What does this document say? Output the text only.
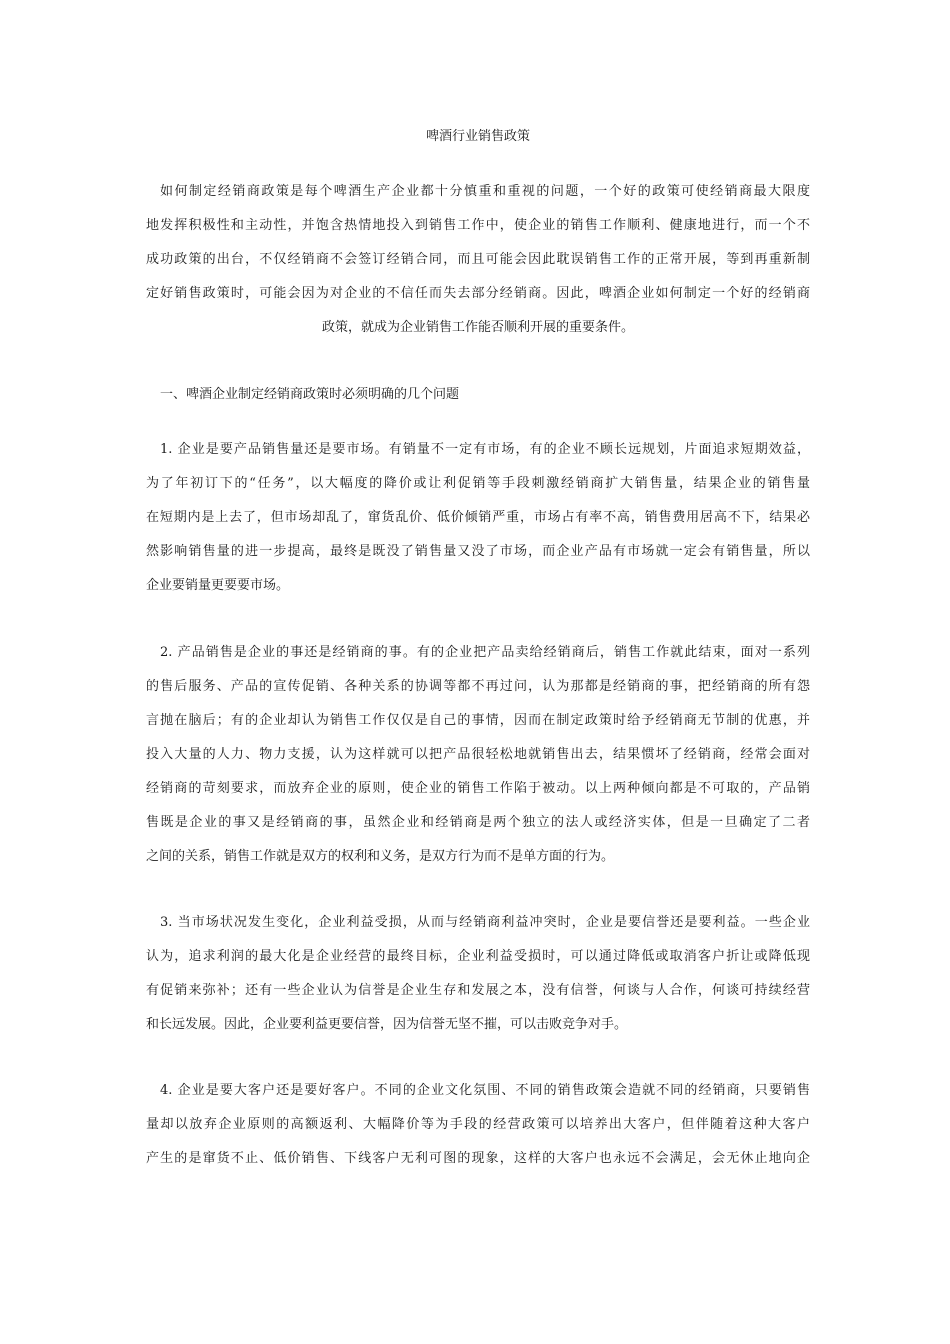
啤酒行业销售政策
如何制定经销商政策是每个啤酒生产企业都十分慎重和重视的问题，一个好的政策可使经销商最大限度
地发挥积极性和主动性，并饱含热情地投入到销售工作中，使企业的销售工作顺利、健康地进行，而一个不
成功政策的出台，不仅经销商不会签订经销合同，而且可能会因此耽误销售工作的正常开展，等到再重新制
定好销售政策时，可能会因为对企业的不信任而失去部分经销商。因此，啤酒企业如何制定一个好的经销商
政策，就成为企业销售工作能否顺利开展的重要条件。
一、啤酒企业制定经销商政策时必须明确的几个问题
1. 企业是要产品销售量还是要市场。有销量不一定有市场，有的企业不顾长远规划，片面追求短期效益，
为了年初订下的“任务”，以大幅度的降价或让利促销等手段刺激经销商扩大销售量，结果企业的销售量
在短期内是上去了，但市场却乱了，窜货乱价、低价倾销严重，市场占有率不高，销售费用居高不下，结果必
然影响销售量的进一步提高，最终是既没了销售量又没了市场，而企业产品有市场就一定会有销售量，所以
企业要销量更要要市场。
2. 产品销售是企业的事还是经销商的事。有的企业把产品卖给经销商后，销售工作就此结束，面对一系列
的售后服务、产品的宣传促销、各种关系的协调等都不再过问，认为那都是经销商的事，把经销商的所有怨
言抛在脑后；有的企业却认为销售工作仅仅是自己的事情，因而在制定政策时给予经销商无节制的优惠，并
投入大量的人力、物力支援，认为这样就可以把产品很轻松地就销售出去，结果惯坏了经销商，经常会面对
经销商的苛刻要求，而放弃企业的原则，使企业的销售工作陷于被动。以上两种倾向都是不可取的，产品销
售既是企业的事又是经销商的事，虽然企业和经销商是两个独立的法人或经济实体，但是一旦确定了二者
之间的关系，销售工作就是双方的权利和义务，是双方行为而不是单方面的行为。
3. 当市场状况发生变化，企业利益受损，从而与经销商利益冲突时，企业是要信誉还是要利益。一些企业
认为，追求利润的最大化是企业经营的最终目标，企业利益受损时，可以通过降低或取消客户折让或降低现
有促销来弥补；还有一些企业认为信誉是企业生存和发展之本，没有信誉，何谈与人合作，何谈可持续经营
和长远发展。因此，企业要利益更要信誉，因为信誉无坚不摧，可以击败竞争对手。
4. 企业是要大客户还是要好客户。不同的企业文化氛围、不同的销售政策会造就不同的经销商，只要销售
量却以放弃企业原则的高额返利、大幅降价等为手段的经营政策可以培养出大客户，但伴随着这种大客户
产生的是窜货不止、低价销售、下线客户无利可图的现象，这样的大客户也永远不会满足，会无休止地向企
